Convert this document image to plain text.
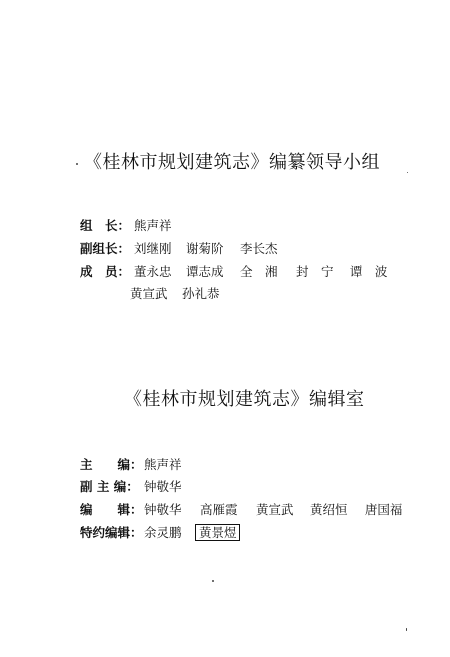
《桂林市规划建筑志》编纂领导小组
组　长： 熊声祥
副组长： 刘继刚 谢菊阶 李长杰
成　员： 董永忠 谭志成 全　湘 封　宁 谭　波
黄宣武 孙礼恭
《桂林市规划建筑志》编辑室
主　　编： 熊声祥
副 主 编： 钟敬华
编　　辑： 钟敬华 高雁霞 黄宣武 黄绍恒 唐国福
特约编辑： 余灵鹏 黄景煜
